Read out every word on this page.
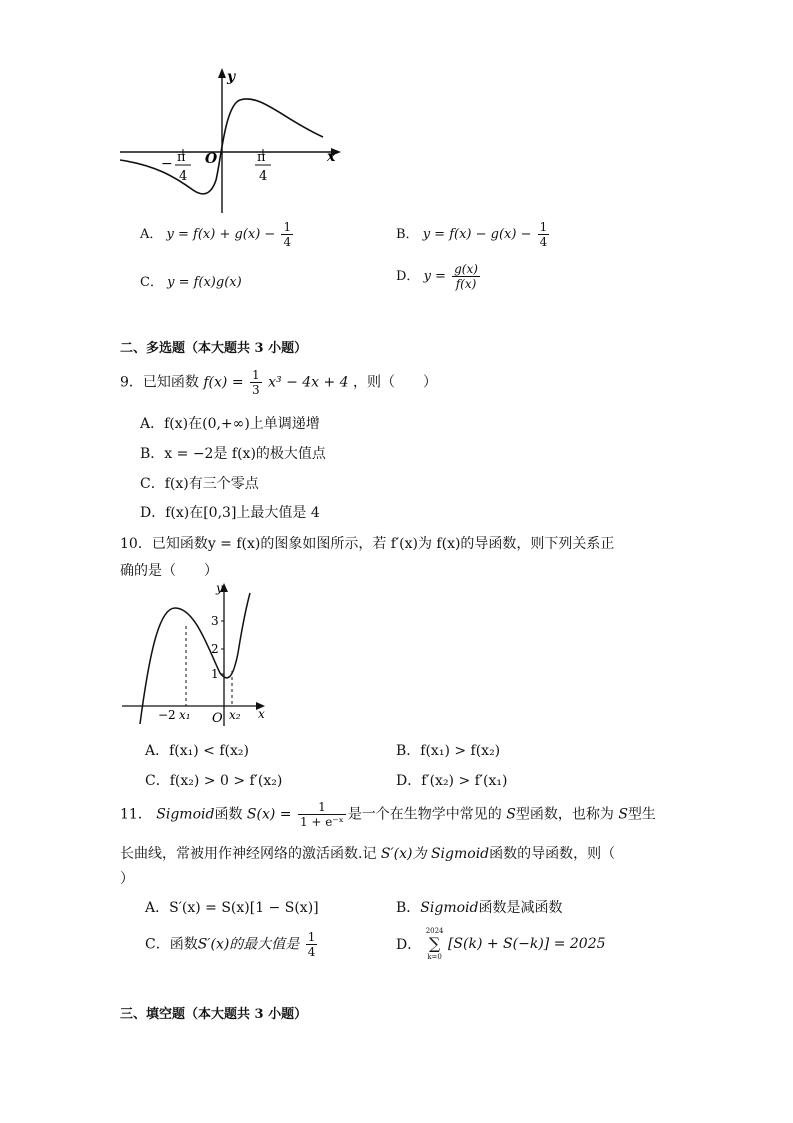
y
x
O
− π
4
π
4
A． $y = f(x) + g(x) - \frac{1}{4}$	B． $y = f(x) - g(x) - \frac{1}{4}$
C． y = f(x)g(x)	D． $y = \frac{g(x)}{f(x)}$
二、多选题（本大题共 3 小题）
9．已知函数 $f(x) = \frac{1}{3} x^3 - 4x + 4$ ，则（　　）
A．f(x)在(0,+∞)上单调递增
B．x = −2是 f(x)的极大值点
C．f(x)有三个零点
D．f(x)在[0,3]上最大值是 4
10．已知函数y = f(x)的图象如图所示，若 f′(x)为 f(x)的导函数，则下列关系正
确的是（　　）
y
x
3
2
1
−2 x₁ O x₂
A．f(x₁) < f(x₂)	B．f(x₁) > f(x₂)
C．f(x₂) > 0 > f′(x₂)	D．f′(x₂) > f′(x₁)
11． Sigmoid函数 $S(x) = \frac{1}{\text{1 + e⁻ˣ}}$ 是一个在生物学中常见的 S型函数，也称为 S型生
长曲线，常被用作神经网络的激活函数.记 S′(x)为 Sigmoid函数的导函数，则（
）
A．S′(x) = S(x)[1 − S(x)]	B．Sigmoid函数是减函数
C．函数S′(x)的最大值是 $\frac{1}{4}$	D．
2024
∑
k=0
[S(k) + S(−k)] = 2025
三、填空题（本大题共 3 小题）
